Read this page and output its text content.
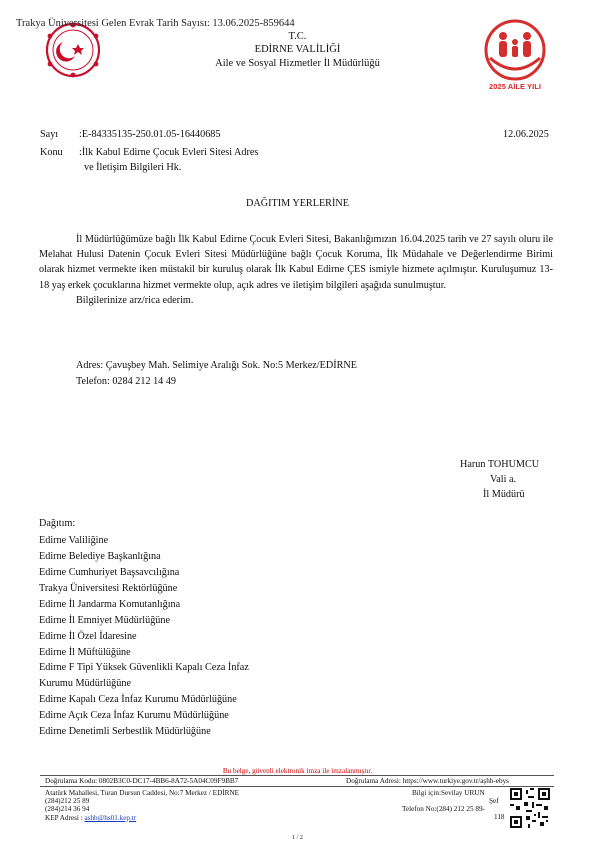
Trakya Üniversitesi Gelen Evrak Tarih Sayısı: 13.06.2025-859644
T.C.
EDİRNE VALİLİĞİ
Aile ve Sosyal Hizmetler İl Müdürlüğü
2025 AİLE YILI
Sayı :E-84335135-250.01.05-16440685	12.06.2025
Konu :İlk Kabul Edirne Çocuk Evleri Sitesi Adres
ve İletişim Bilgileri Hk.
DAĞITIM YERLERİNE

İl Müdürlüğümüze bağlı İlk Kabul Edirne Çocuk Evleri Sitesi, Bakanlığımızın 16.04.2025 tarih ve 27 sayılı oluru ile Melahat Hulusi Datenin Çocuk Evleri Sitesi Müdürlüğüne bağlı Çocuk Koruma, İlk Müdahale ve Değerlendirme Birimi olarak hizmet vermekte iken müstakil bir kuruluş olarak İlk Kabul Edirne ÇES ismiyle hizmete açılmıştır. Kuruluşumuz 13-18 yaş erkek çocuklarına hizmet vermekte olup, açık adres ve iletişim bilgileri aşağıda sunulmuştur.

Bilgilerinize arz/rica ederim.

Adres: Çavuşbey Mah. Selimiye Aralığı Sok. No:5 Merkez/EDİRNE
Telefon: 0284 212 14 49
Harun TOHUMCU
Vali a.
İl Müdürü
Dağıtım:
Edirne Valiliğine
Edirne Belediye Başkanlığına
Edirne Cumhuriyet Başsavcılığına
Trakya Üniversitesi Rektörlüğüne
Edirne İl Jandarma Komutanlığına
Edirne İl Emniyet Müdürlüğüne
Edirne İl Özel İdaresine
Edirne İl Müftülüğüne
Edirne F Tipi Yüksek Güvenlikli Kapalı Ceza İnfaz
Kurumu Müdürlüğüne
Edirne Kapalı Ceza İnfaz Kurumu Müdürlüğüne
Edirne Açık Ceza İnfaz Kurumu Müdürlüğüne
Edirne Denetimli Serbestlik Müdürlüğüne
Bu belge, güvenli elektronik imza ile imzalanmıştır.
Doğrulama Kodu: 0802B3C0-DC17-4BB6-8A72-5A04C09F9BB7	Doğrulama Adresi: https://www.turkiye.gov.tr/aşhb-ebys
Atatürk Mahallesi, Turan Dursun Caddesi, No:7 Merkez / EDİRNE
(284)212 25 89
(284)214 36 94
KEP Adresi : ashb@hs01.kep.tr
Bilgi için:Sevilay URUN
Şef
Telefon No:(284) 212 25 89-
118
1 / 2
